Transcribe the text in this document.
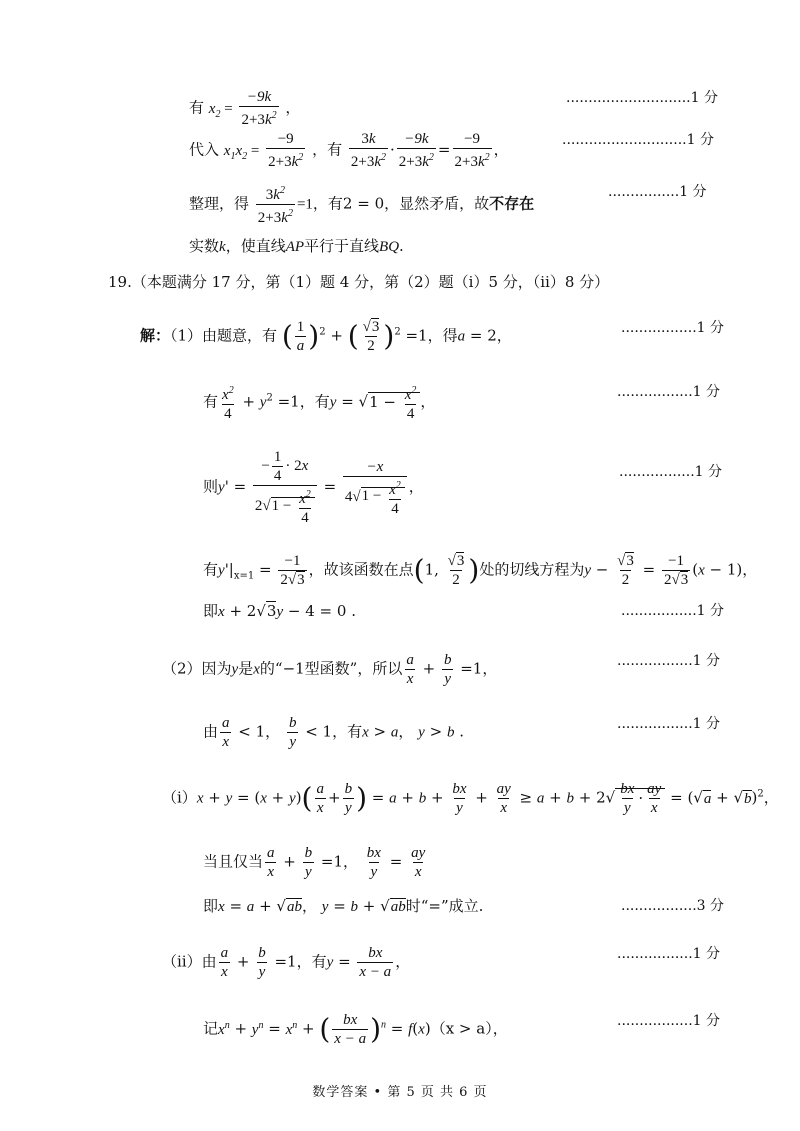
有 $x_2 = \frac{-9k}{2+3k^2}$ ，
............................1 分
代入 $x_1x_2 = \frac{-9}{2+3k^2}$ ，有 $\frac{3k}{2+3k^2} \cdot \frac{-9k}{2+3k^2} = \frac{-9}{2+3k^2}$ ，
............................1 分
整理，得 $\frac{3k^2}{2+3k^2} =1$，有2 = 0，显然矛盾，故不存在
................1 分
实数k，使直线AP平行于直线BQ.
19.（本题满分 17 分，第（1）题 4 分，第（2）题（ⅰ）5 分，（ⅱ）8 分）
解：（1）由题意，有 ( $\frac{1}{a} )^2$ + ( $\frac{√3}{2} )^2 =1$，得a = 2，	.................1 分
有 $\frac{x^2}{4} + y^2 =1$，有$y = √1 - \frac{x^2}{4}$ ，
.................1 分
则$y' = \frac{- \frac{1}{4} \cdot 2x}{2√1 - \frac{x^2}{4}} = \frac{-x}{4√1 - \frac{x^2}{4}}$ ，
.................1 分
有$y'|_{x=1} = \frac{-1}{2√3}$ ，故该函数在点(1, $\frac{√3}{2}$ )处的切线方程为$y - \frac{√3}{2} = \frac{-1}{2√3} (x - 1)$，
即x + 2√3y − 4 = 0 .	.................1 分
（2）因为y是x的“−1型函数”，所以 $\frac{a}{x} + \frac{b}{y} =1$，	.................1 分
由 $\frac{a}{x} < 1$， $\frac{b}{y} < 1$，有x > a， y > b .	.................1 分
（ⅰ）x + $y = (x + y)( \frac{a}{x} + \frac{b}{y}$ ) = $a + b + \frac{bx}{y} + \frac{ay}{x} \ge a + b + 2√ \frac{bx}{y} \cdot \frac{ay}{x} = (√a + √b)^2$，
当且仅当 $\frac{a}{x} + \frac{b}{y} =1$， $\frac{bx}{y} = \frac{ay}{x}$
即x = a + √ab， y = b + √ab时“=”成立.	.................3 分
（ⅱ）由 $\frac{a}{x} + \frac{b}{y} =1$，有$y = \frac{bx}{x - a}$ ，	.................1 分
记$x^n + y^n = x^n$ + ( $\frac{bx}{x - a} )^n = f(x)(x > a)$，	.................1 分
数学答案 • 第 5 页 共 6 页
